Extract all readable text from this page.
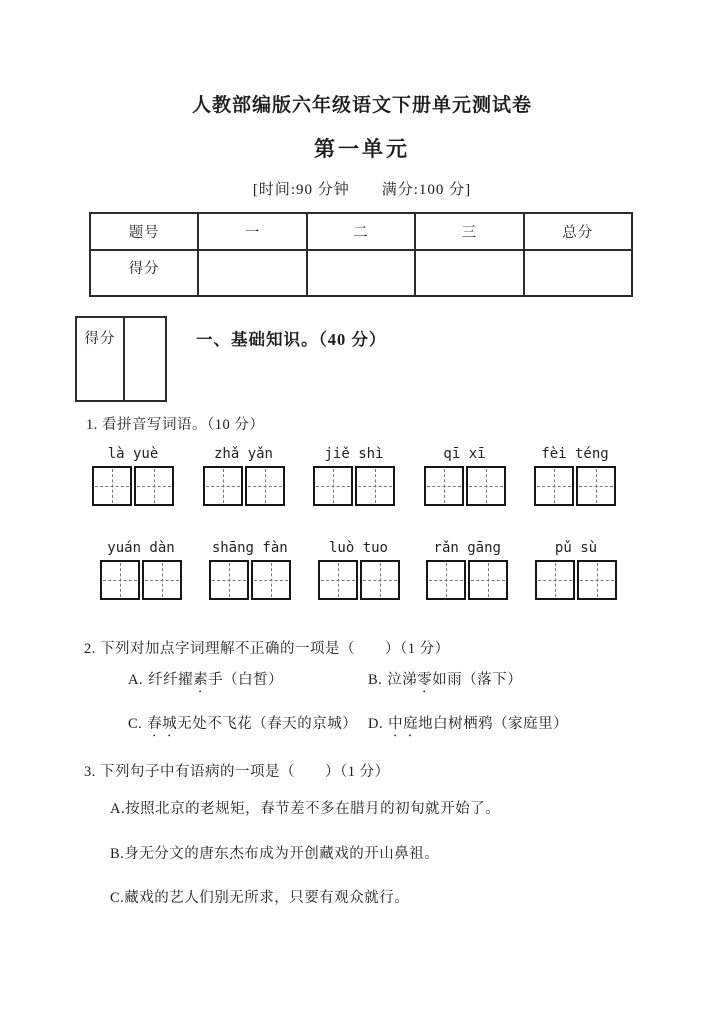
人教部编版六年级语文下册单元测试卷
第一单元
[时间:90 分钟　　满分:100 分]
题号	一	二	三	总分
得分				
得分	一、基础知识。（40 分）
1. 看拼音写词语。（10 分）
là yuè	zhǎ yǎn	jiě shì	qī xī	fèi téng
yuán dàn	shāng fàn	luò tuo	rǎn gāng	pǔ sù
2. 下列对加点字词理解不正确的一项是（　　）（1 分）
A. 纤纤擢素手（白皙）	B. 泣涕零如雨（落下）
C. 春城无处不飞花（春天的京城） D. 中庭地白树栖鸦（家庭里）
3. 下列句子中有语病的一项是（　　）（1 分）
A.按照北京的老规矩，春节差不多在腊月的初旬就开始了。
B.身无分文的唐东杰布成为开创藏戏的开山鼻祖。
C.藏戏的艺人们别无所求，只要有观众就行。
